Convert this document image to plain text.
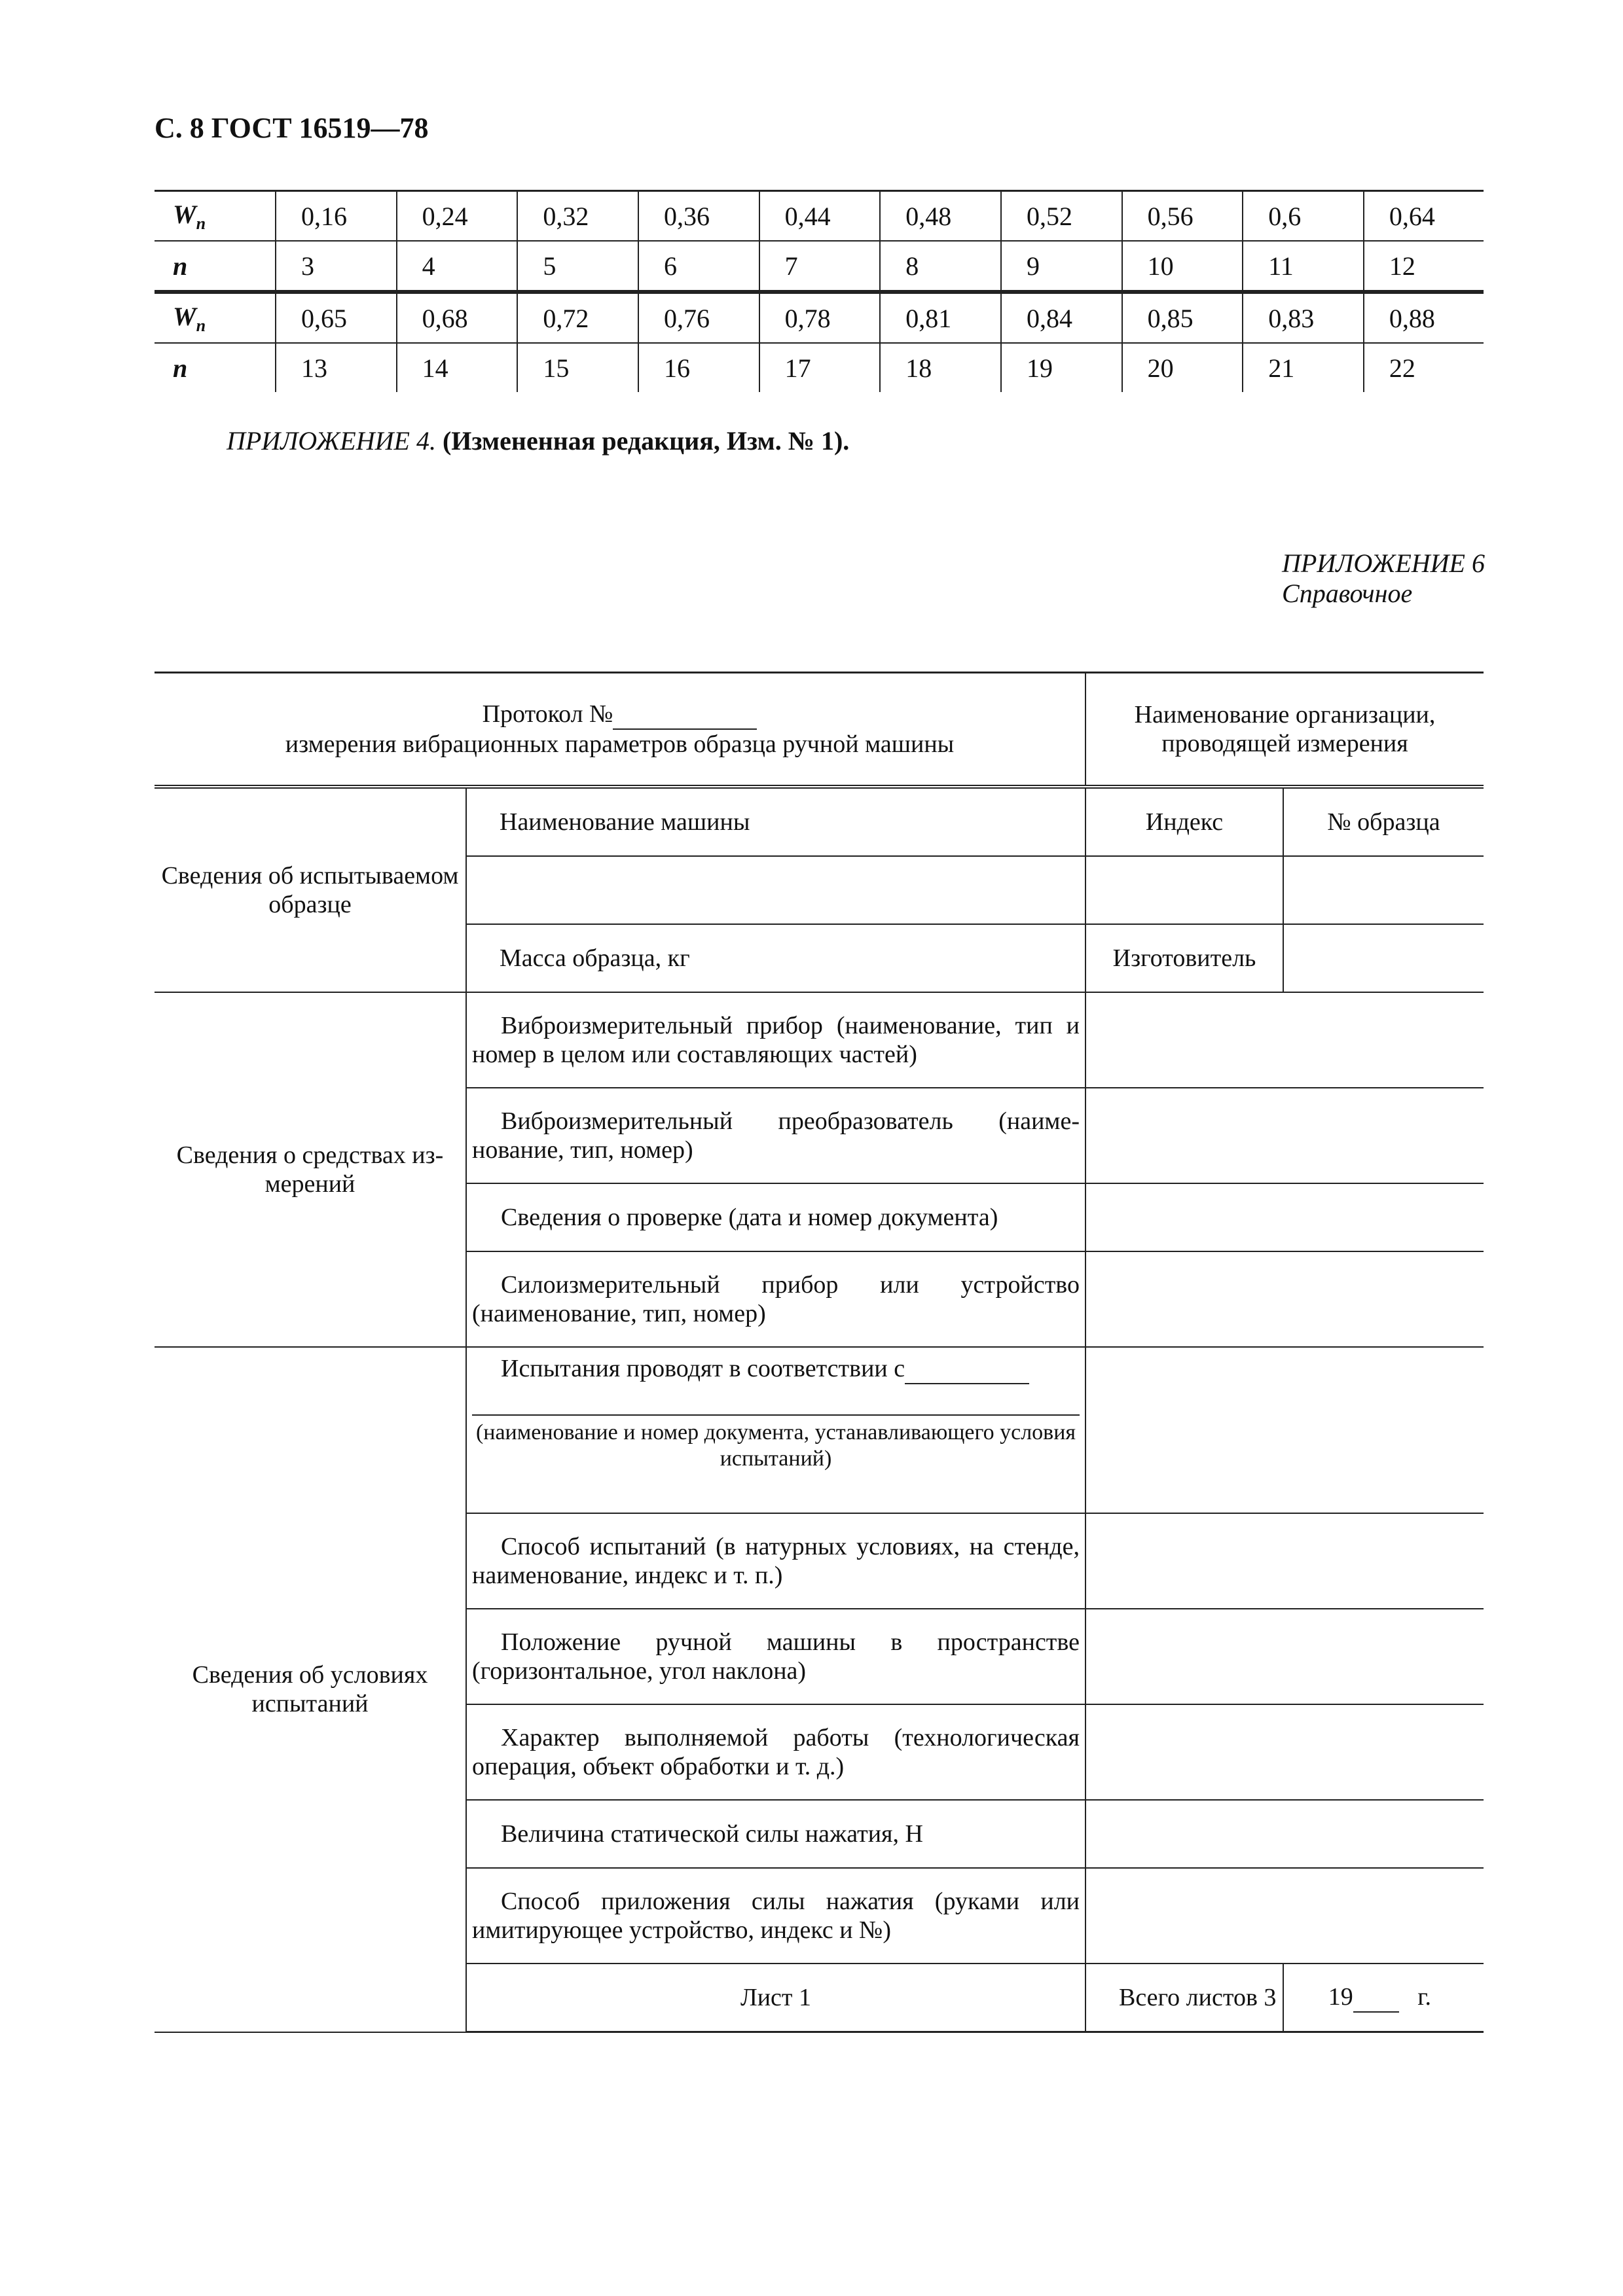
С. 8 ГОСТ 16519—78
$W_n$	0,16	0,24	0,32	0,36	0,44	0,48	0,52	0,56	0,6	0,64
n	3	4	5	6	7	8	9	10	11	12
$W_n$	0,65	0,68	0,72	0,76	0,78	0,81	0,84	0,85	0,83	0,88
n	13	14	15	16	17	18	19	20	21	22
ПРИЛОЖЕНИЕ 4. (Измененная редакция, Изм. № 1).
ПРИЛОЖЕНИЕ 6
Справочное
Протокол №
измерения вибрационных параметров образца ручной машины		Наименование организации, проводящей измерения	
Сведения об испытываемом образце	Наименование машины	Индекс	№ образца

	Масса образца, кг	Изготовитель	
Сведения о средствах из-мерений	Виброизмерительный прибор (наименование, тип и номер в целом или составляющих частей)		
	Виброизмерительный преобразователь (наиме-нование, тип, номер)		
	Сведения о проверке (дата и номер документа)		
	Силоизмерительный прибор или устройство (наименование, тип, номер)		
Сведения об условиях испытаний	Испытания проводят в соответствии с
(наименование и номер документа, устанавливающего условия испытаний)		

	Способ испытаний (в натурных условиях, на стенде, наименование, индекс и т. п.)		
	Положение ручной машины в пространстве (горизонтальное, угол наклона)		
	Характер выполняемой работы (технологическая операция, объект обработки и т. д.)		
	Величина статической силы нажатия, Н		
	Способ приложения силы нажатия (руками или имитирующее устройство, индекс и №)		
	Лист 1	Всего листов 3	19 г.
